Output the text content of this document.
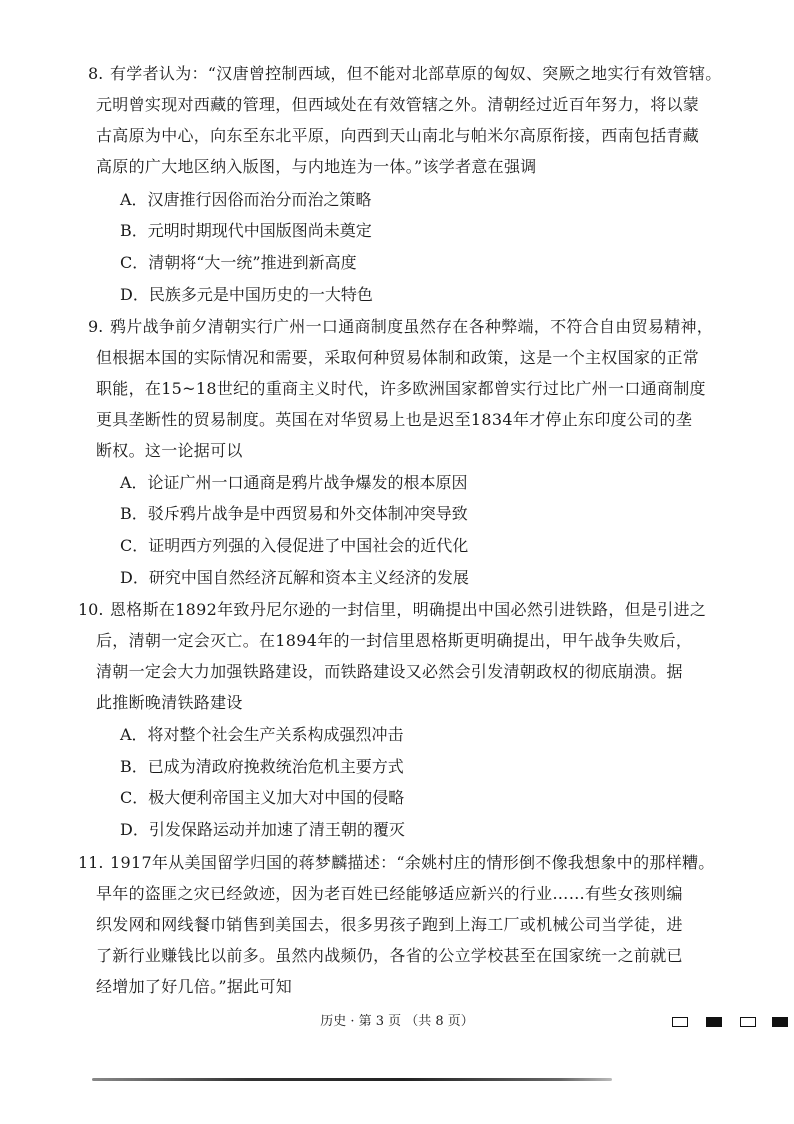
8. 有学者认为：“汉唐曾控制西域，但不能对北部草原的匈奴、突厥之地实行有效管辖。
元明曾实现对西藏的管理，但西域处在有效管辖之外。清朝经过近百年努力，将以蒙
古高原为中心，向东至东北平原，向西到天山南北与帕米尔高原衔接，西南包括青藏
高原的广大地区纳入版图，与内地连为一体。”该学者意在强调
A．汉唐推行因俗而治分而治之策略
B．元明时期现代中国版图尚未奠定
C．清朝将“大一统”推进到新高度
D．民族多元是中国历史的一大特色
9. 鸦片战争前夕清朝实行广州一口通商制度虽然存在各种弊端，不符合自由贸易精神，
但根据本国的实际情况和需要，采取何种贸易体制和政策，这是一个主权国家的正常
职能，在15~18世纪的重商主义时代，许多欧洲国家都曾实行过比广州一口通商制度
更具垄断性的贸易制度。英国在对华贸易上也是迟至1834年才停止东印度公司的垄
断权。这一论据可以
A．论证广州一口通商是鸦片战争爆发的根本原因
B．驳斥鸦片战争是中西贸易和外交体制冲突导致
C．证明西方列强的入侵促进了中国社会的近代化
D．研究中国自然经济瓦解和资本主义经济的发展
10. 恩格斯在1892年致丹尼尔逊的一封信里，明确提出中国必然引进铁路，但是引进之
后，清朝一定会灭亡。在1894年的一封信里恩格斯更明确提出，甲午战争失败后，
清朝一定会大力加强铁路建设，而铁路建设又必然会引发清朝政权的彻底崩溃。据
此推断晚清铁路建设
A．将对整个社会生产关系构成强烈冲击
B．已成为清政府挽救统治危机主要方式
C．极大便利帝国主义加大对中国的侵略
D．引发保路运动并加速了清王朝的覆灭
11. 1917年从美国留学归国的蒋梦麟描述：“余姚村庄的情形倒不像我想象中的那样糟。
早年的盗匪之灾已经敛迹，因为老百姓已经能够适应新兴的行业……有些女孩则编
织发网和网线餐巾销售到美国去，很多男孩子跑到上海工厂或机械公司当学徒，进
了新行业赚钱比以前多。虽然内战频仍，各省的公立学校甚至在国家统一之前就已
经增加了好几倍。”据此可知
历史 · 第 3 页 （共 8 页）
